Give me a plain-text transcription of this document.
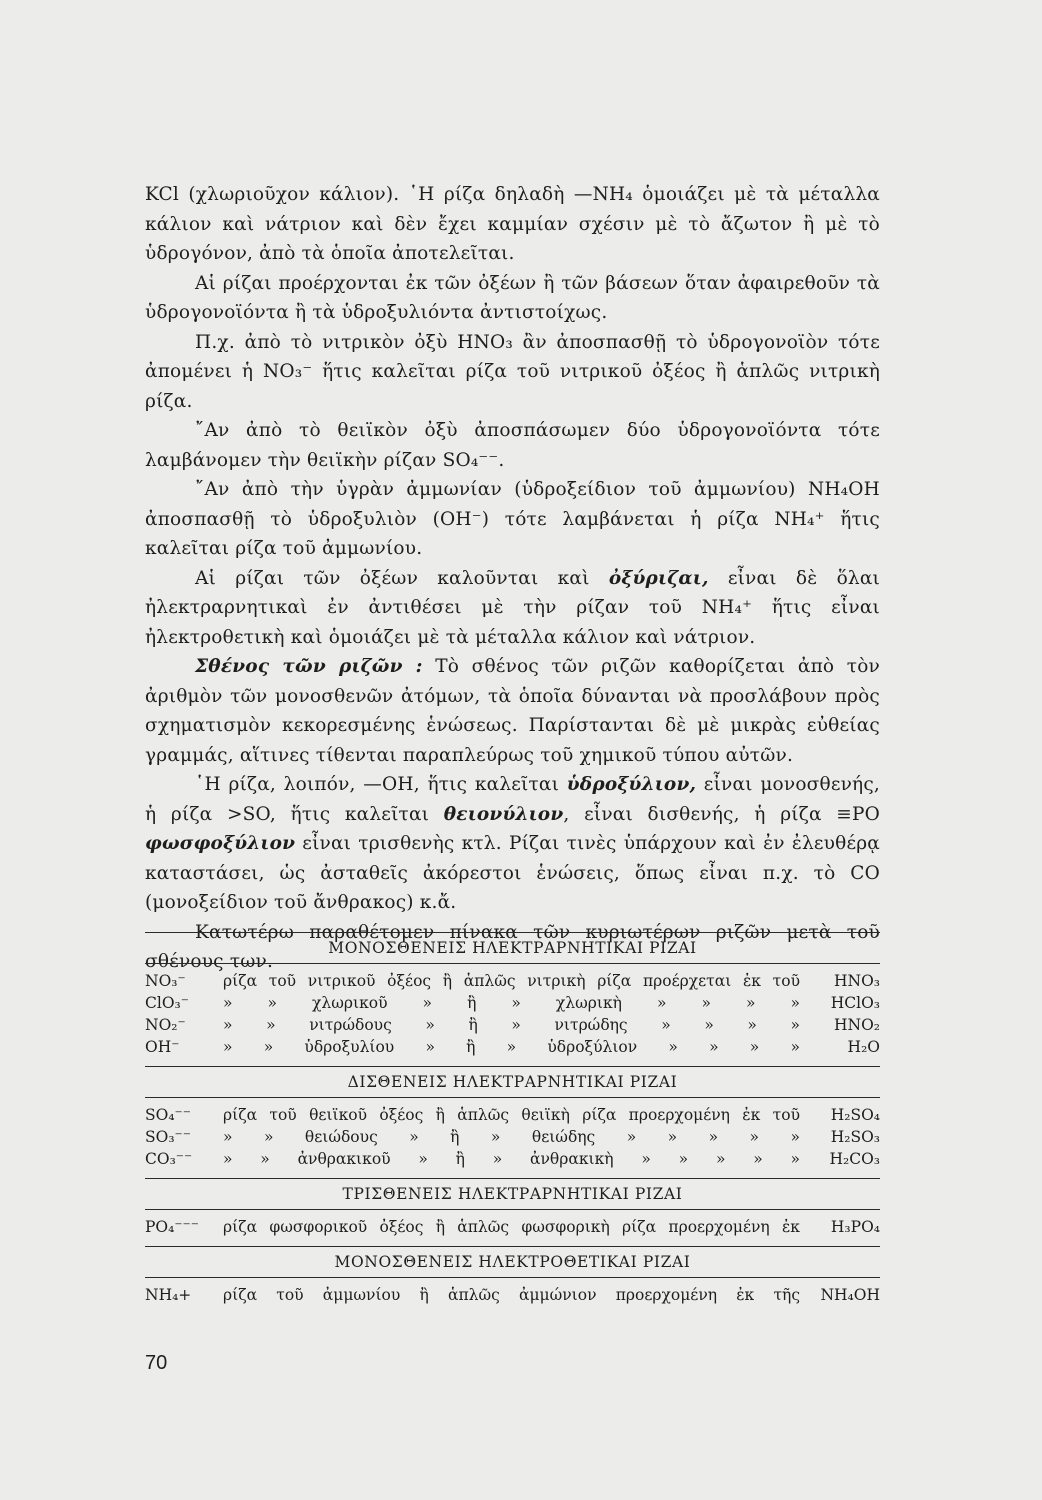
KCl (χλωριοῦχον κάλιον). ῾Η ρίζα δηλαδὴ —NH₄ ὁμοιάζει μὲ τὰ μέταλλα κάλιον καὶ νάτριον καὶ δὲν ἔχει καμμίαν σχέσιν μὲ τὸ ἄζωτον ἢ μὲ τὸ ὑδρογόνον, ἀπὸ τὰ ὁποῖα ἀποτελεῖται.

Αἱ ρίζαι προέρχονται ἐκ τῶν ὀξέων ἢ τῶν βάσεων ὅταν ἀφαιρεθοῦν τὰ ὑδρογονοϊόντα ἢ τὰ ὑδροξυλιόντα ἀντιστοίχως.

Π.χ. ἀπὸ τὸ νιτρικὸν ὀξὺ HNO₃ ἂν ἀποσπασθῇ τὸ ὑδρογονοϊὸν τότε ἀπομένει ἡ NO₃⁻ ἥτις καλεῖται ρίζα τοῦ νιτρικοῦ ὀξέος ἢ ἁπλῶς νιτρικὴ ρίζα.

῎Αν ἀπὸ τὸ θειϊκὸν ὀξὺ ἀποσπάσωμεν δύο ὑδρογονοϊόντα τότε λαμβάνομεν τὴν θειϊκὴν ρίζαν SO₄⁻⁻.

῎Αν ἀπὸ τὴν ὑγρὰν ἀμμωνίαν (ὑδροξείδιον τοῦ ἀμμωνίου) NH₄OH ἀποσπασθῇ τὸ ὑδροξυλιὸν (OH⁻) τότε λαμβάνεται ἡ ρίζα NH₄⁺ ἥτις καλεῖται ρίζα τοῦ ἀμμωνίου.

Αἱ ρίζαι τῶν ὀξέων καλοῦνται καὶ ὀξύριζαι, εἶναι δὲ ὅλαι ἠλεκτραρνητικαὶ ἐν ἀντιθέσει μὲ τὴν ρίζαν τοῦ NH₄⁺ ἥτις εἶναι ἠλεκτροθετικὴ καὶ ὁμοιάζει μὲ τὰ μέταλλα κάλιον καὶ νάτριον.

Σθένος τῶν ριζῶν : Τὸ σθένος τῶν ριζῶν καθορίζεται ἀπὸ τὸν ἀριθμὸν τῶν μονοσθενῶν ἀτόμων, τὰ ὁποῖα δύνανται νὰ προσλάβουν πρὸς σχηματισμὸν κεκορεσμένης ἑνώσεως. Παρίστανται δὲ μὲ μικρὰς εὐθείας γραμμάς, αἵτινες τίθενται παραπλεύρως τοῦ χημικοῦ τύπου αὐτῶν.

῾Η ρίζα, λοιπόν, —OH, ἥτις καλεῖται ὑδροξύλιον, εἶναι μονοσθενής, ἡ ρίζα >SO, ἥτις καλεῖται θειονύλιον, εἶναι δισθενής, ἡ ρίζα ≡PO φωσφοξύλιον εἶναι τρισθενὴς κτλ. Ρίζαι τινὲς ὑπάρχουν καὶ ἐν ἐλευθέρᾳ καταστάσει, ὡς ἀσταθεῖς ἀκόρεστοι ἑνώσεις, ὅπως εἶναι π.χ. τὸ CO (μονοξείδιον τοῦ ἄνθρακος) κ.ἄ.

Κατωτέρω παραθέτομεν πίνακα τῶν κυριωτέρων ριζῶν μετὰ τοῦ σθένους των.

ΜΟΝΟΣΘΕΝΕΙΣ ΗΛΕΚΤΡΑΡΝΗΤΙΚΑΙ ΡΙΖΑΙ
NO₃⁻	ρίζα τοῦ νιτρικοῦ ὀξέος ἢ ἁπλῶς νιτρικὴ ρίζα προέρχεται ἐκ τοῦ	HNO₃
ClO₃⁻	» » χλωρικοῦ » ἢ » χλωρικὴ » » » »	HClO₃
NO₂⁻	» » νιτρώδους » ἢ » νιτρώδης » » » »	HNO₂
OH⁻	» » ὑδροξυλίου » ἢ » ὑδροξύλιον » » » »	H₂O
ΔΙΣΘΕΝΕΙΣ ΗΛΕΚΤΡΑΡΝΗΤΙΚΑΙ ΡΙΖΑΙ
SO₄⁻⁻	ρίζα τοῦ θειϊκοῦ ὀξέος ἢ ἁπλῶς θειϊκὴ ρίζα προερχομένη ἐκ τοῦ	H₂SO₄
SO₃⁻⁻	» » θειώδους » ἢ » θειώδης » » » » »	H₂SO₃
CO₃⁻⁻	» » ἀνθρακικοῦ » ἢ » ἀνθρακικὴ » » » » »	H₂CO₃
ΤΡΙΣΘΕΝΕΙΣ ΗΛΕΚΤΡΑΡΝΗΤΙΚΑΙ ΡΙΖΑΙ
PO₄⁻⁻⁻	ρίζα φωσφορικοῦ ὀξέος ἢ ἁπλῶς φωσφορικὴ ρίζα προερχομένη ἐκ	H₃PO₄
ΜΟΝΟΣΘΕΝΕΙΣ ΗΛΕΚΤΡΟΘΕΤΙΚΑΙ ΡΙΖΑΙ
NH₄+	ρίζα τοῦ ἀμμωνίου ἢ ἁπλῶς ἀμμώνιον προερχομένη ἐκ τῆς	NH₄OH
70
